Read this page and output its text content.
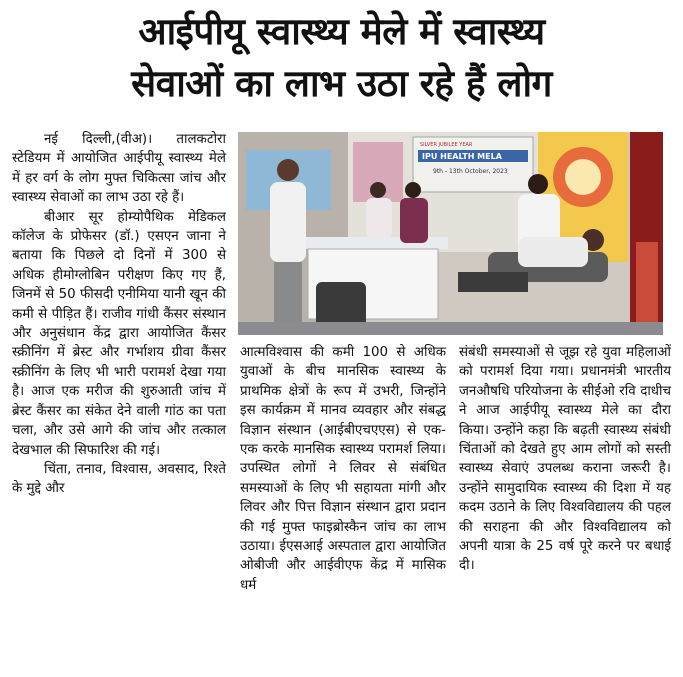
आईपीयू स्वास्थ्य मेले में स्वास्थ्य
सेवाओं का लाभ उठा रहे हैं लोग

नई दिल्ली,(वीअ)। तालकटोरा स्टेडियम में आयोजित आईपीयू स्वास्थ्य मेले में हर वर्ग के लोग मुफ्त चिकित्सा जांच और स्वास्थ्य सेवाओं का लाभ उठा रहे हैं।

बीआर सूर होम्योपैथिक मेडिकल कॉलेज के प्रोफेसर (डॉ.) एसएन जाना ने बताया कि पिछले दो दिनों में 300 से अधिक हीमोग्लोबिन परीक्षण किए गए हैं, जिनमें से 50 फीसदी एनीमिया यानी खून की कमी से पीड़ित हैं। राजीव गांधी कैंसर संस्थान और अनुसंधान केंद्र द्वारा आयोजित कैंसर स्क्रीनिंग में ब्रेस्ट और गर्भाशय ग्रीवा कैंसर स्क्रीनिंग के लिए भी भारी परामर्श देखा गया है। आज एक मरीज की शुरुआती जांच में ब्रेस्ट कैंसर का संकेत देने वाली गांठ का पता चला, और उसे आगे की जांच और तत्काल देखभाल की सिफारिश की गई।

चिंता, तनाव, विश्वास, अवसाद, रिश्ते के मुद्दे और

SILVER JUBILEE YEAR
IPU HEALTH MELA
9th - 13th October, 2023

आत्मविश्वास की कमी 100 से अधिक युवाओं के बीच मानसिक स्वास्थ्य के प्राथमिक क्षेत्रों के रूप में उभरी, जिन्होंने इस कार्यक्रम में मानव व्यवहार और संबद्ध विज्ञान संस्थान (आईबीएचएएस) से एक-एक करके मानसिक स्वास्थ्य परामर्श लिया। उपस्थित लोगों ने लिवर से संबंधित समस्याओं के लिए भी सहायता मांगी और लिवर और पित्त विज्ञान संस्थान द्वारा प्रदान की गई मुफ्त फाइब्रोस्कैन जांच का लाभ उठाया। ईएसआई अस्पताल द्वारा आयोजित ओबीजी और आईवीएफ केंद्र में मासिक धर्म

संबंधी समस्याओं से जूझ रहे युवा महिलाओं को परामर्श दिया गया। प्रधानमंत्री भारतीय जनऔषधि परियोजना के सीईओ रवि दाधीच ने आज आईपीयू स्वास्थ्य मेले का दौरा किया। उन्होंने कहा कि बढ़ती स्वास्थ्य संबंधी चिंताओं को देखते हुए आम लोगों को सस्ती स्वास्थ्य सेवाएं उपलब्ध कराना जरूरी है। उन्होंने सामुदायिक स्वास्थ्य की दिशा में यह कदम उठाने के लिए विश्वविद्यालय की पहल की सराहना की और विश्वविद्यालय को अपनी यात्रा के 25 वर्ष पूरे करने पर बधाई दी।
